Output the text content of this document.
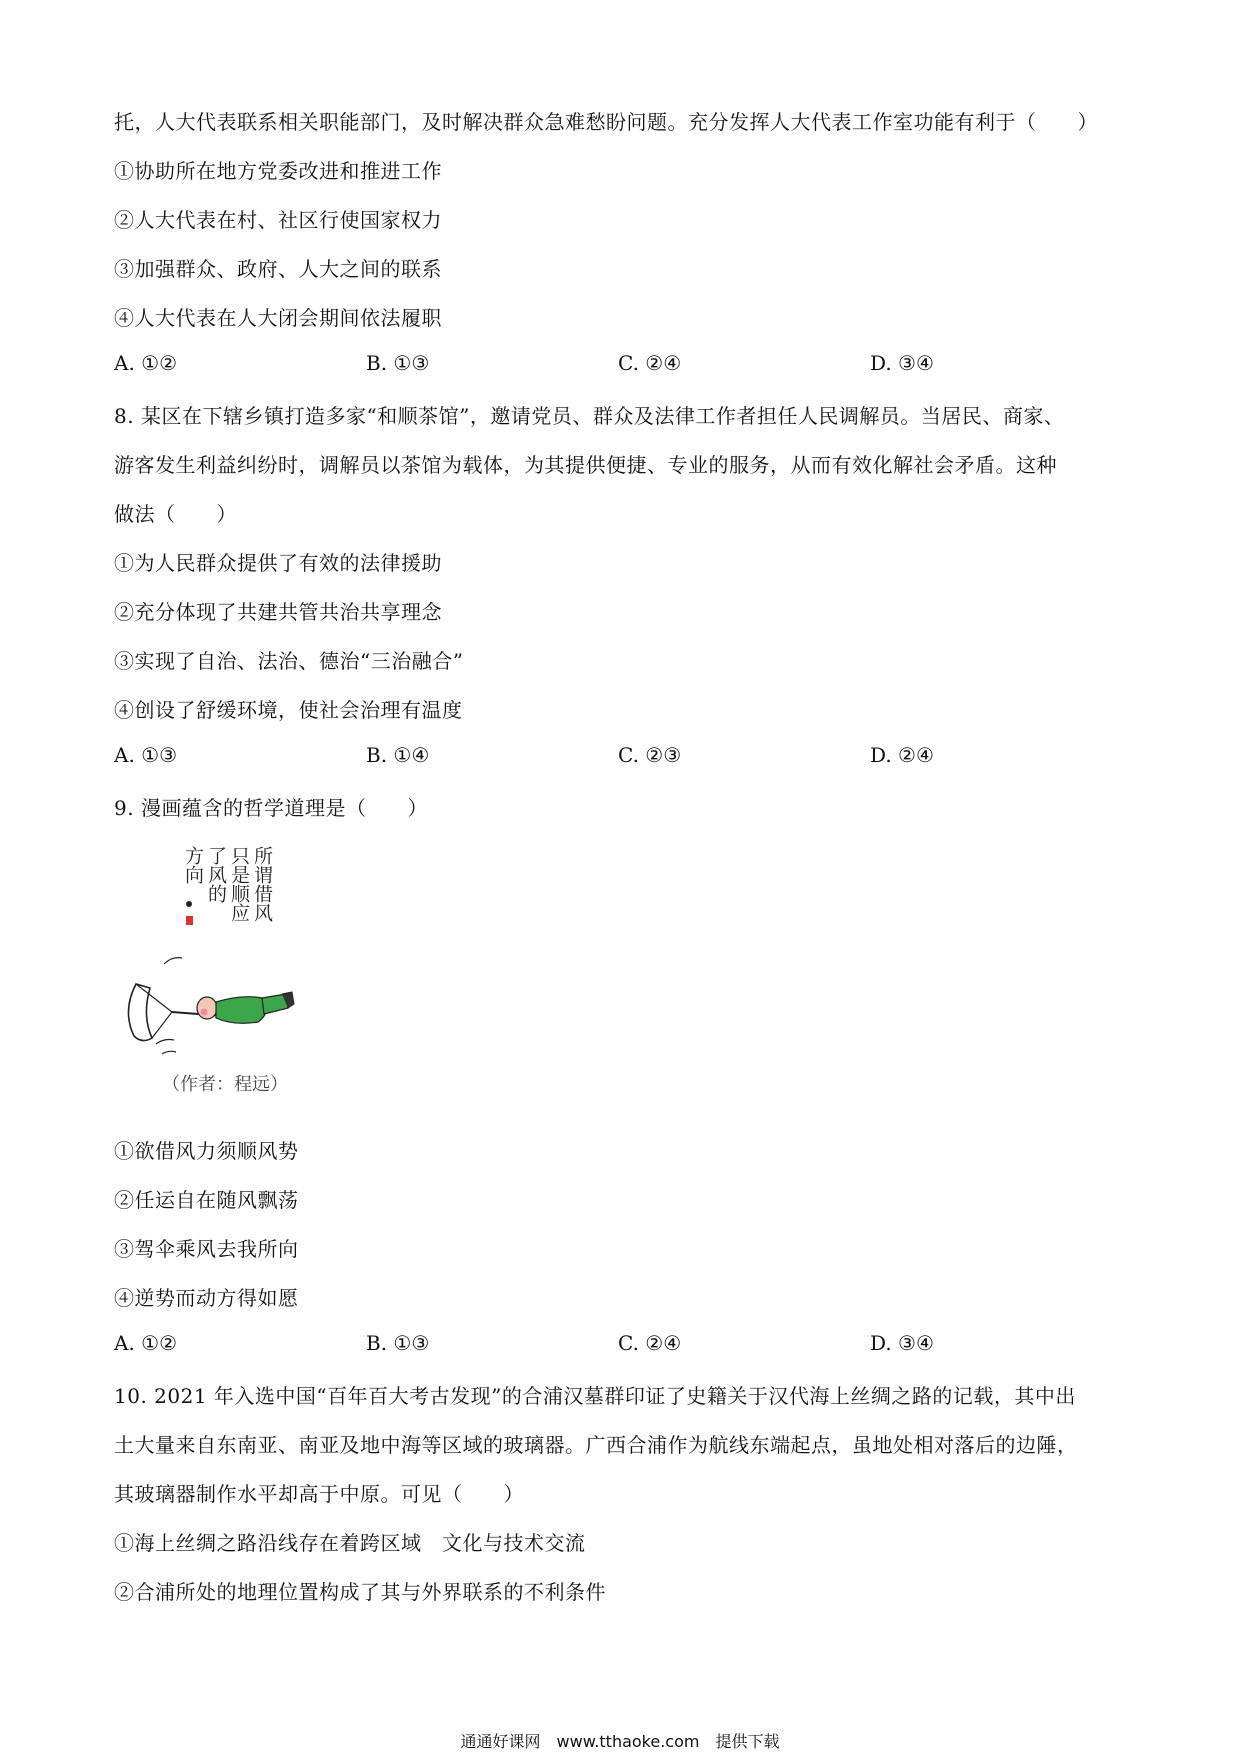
托，人大代表联系相关职能部门，及时解决群众急难愁盼问题。充分发挥人大代表工作室功能有利于（　　）
①协助所在地方党委改进和推进工作
②人大代表在村、社区行使国家权力
③加强群众、政府、人大之间的联系
④人大代表在人大闭会期间依法履职
A. ①②	B. ①③	C. ②④	D. ③④
8. 某区在下辖乡镇打造多家“和顺茶馆”，邀请党员、群众及法律工作者担任人民调解员。当居民、商家、
游客发生利益纠纷时，调解员以茶馆为载体，为其提供便捷、专业的服务，从而有效化解社会矛盾。这种
做法（　　）
①为人民群众提供了有效的法律援助
②充分体现了共建共管共治共享理念
③实现了自治、法治、德治“三治融合”
④创设了舒缓环境，使社会治理有温度
A. ①③	B. ①④	C. ②③	D. ②④
9. 漫画蕴含的哲学道理是（　　）
所谓借风
只是顺应
了风的
方向
（作者：程远）
①欲借风力须顺风势
②任运自在随风飘荡
③驾伞乘风去我所向
④逆势而动方得如愿
A. ①②	B. ①③	C. ②④	D. ③④
10. 2021 年入选中国“百年百大考古发现”的合浦汉墓群印证了史籍关于汉代海上丝绸之路的记载，其中出
土大量来自东南亚、南亚及地中海等区域的玻璃器。广西合浦作为航线东端起点，虽地处相对落后的边陲，
其玻璃器制作水平却高于中原。可见（　　）
①海上丝绸之路沿线存在着跨区域　文化与技术交流
②合浦所处的地理位置构成了其与外界联系的不利条件
通通好课网　www.tthaoke.com　提供下载
